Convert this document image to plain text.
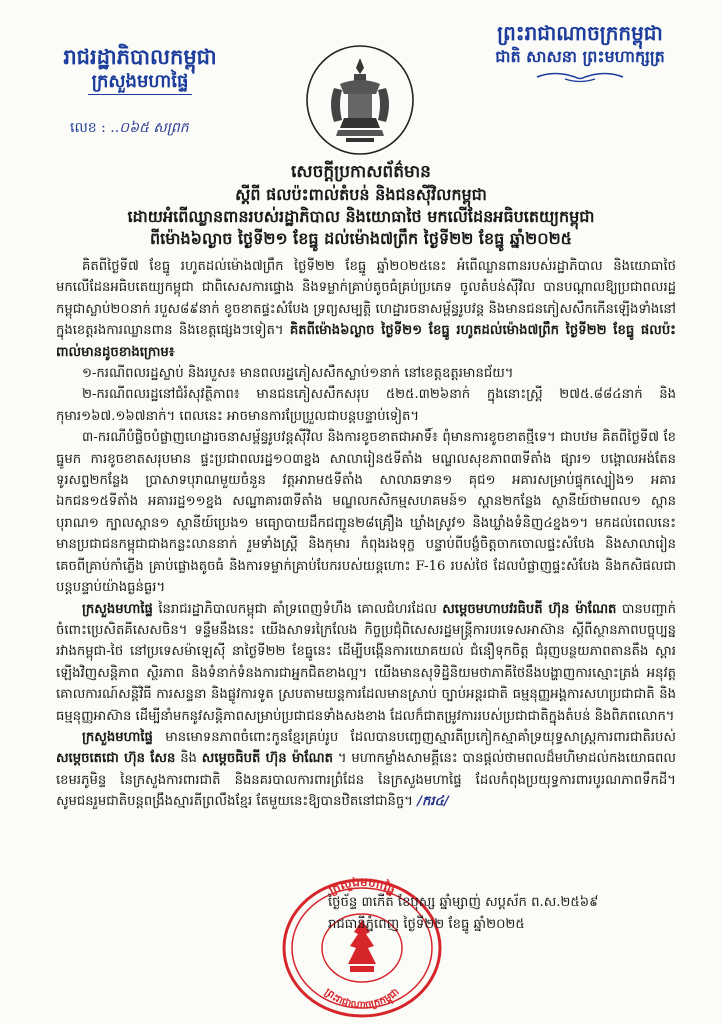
រាជរដ្ឋាភិបាលកម្ពុជា
ក្រសួងមហាផ្ទៃ
លេខ : ..០៦៥ សព្រក
ព្រះរាជាណាចក្រកម្ពុជា
ជាតិ សាសនា ព្រះមហាក្សត្រ
សេចក្តីប្រកាសព័ត៌មាន
ស្តីពី ផលប៉ះពាល់តំបន់ និងជនស៊ីវិលកម្ពុជា
ដោយអំពើឈ្លានពានរបស់រដ្ឋាភិបាល និងយោធាថៃ មកលើដែនអធិបតេយ្យកម្ពុជា
ពីម៉ោង៦ល្ងាច ថ្ងៃទី២១ ខែធ្នូ ដល់ម៉ោង៧ព្រឹក ថ្ងៃទី២២ ខែធ្នូ ឆ្នាំ២០២៥

គិតពីថ្ងៃទី៧ ខែធ្នូ រហូតដល់ម៉ោង៧ព្រឹក ថ្ងៃទី២២ ខែធ្នូ ឆ្នាំ២០២៥នេះ អំពើឈ្លានពានរបស់រដ្ឋាភិបាល និងយោធាថៃ មកលើដែនអធិបតេយ្យកម្ពុជា ជាពិសេសការផ្ទោង និងទម្លាក់គ្រាប់តូចធំគ្រប់ប្រភេទ ចូលតំបន់ស៊ីវិល បានបណ្តាលឱ្យប្រជាពលរដ្ឋកម្ពុជាស្លាប់២០នាក់ របួស៨៩នាក់ ខូចខាតផ្ទះសំបែង ទ្រព្យសម្បត្តិ ហេដ្ឋារចនាសម្ព័ន្ធរូបវន្ត និងមានជនភៀសសឹកកើនឡើងទាំងនៅក្នុងខេត្តរងការឈ្លានពាន និងខេត្តផ្សេងៗទៀត។ គិតពីម៉ោង៦ល្ងាច ថ្ងៃទី២១ ខែធ្នូ រហូតដល់ម៉ោង៧ព្រឹក ថ្ងៃទី២២ ខែធ្នូ ផលប៉ះពាល់មានដូចខាងក្រោម៖

១-ករណីពលរដ្ឋស្លាប់ និងរបួស៖ មានពលរដ្ឋភៀសសឹកស្លាប់១នាក់ នៅខេត្តឧត្តរមានជ័យ។

២-ករណីពលរដ្ឋនៅជំរំសុវត្ថិភាព៖ មានជនភៀសសឹកសរុប ៥២៥.៣២៦នាក់ ក្នុងនោះស្ត្រី ២៧៥.៨៨៤នាក់ និងកុមារ១៦៧.១៦៧នាក់។ ពេលនេះ អាចមានការប្រែប្រួលជាបន្តបន្ទាប់ទៀត។

៣-ករណីបំផ្លិចបំផ្លាញហេដ្ឋារចនាសម្ព័ន្ធរូបវន្តស៊ីវិល និងការខូចខាតជាអាទិ៍៖ ពុំមានការខូចខាតថ្មីទេ។ ជាបឋម គិតពីថ្ងៃទី៧ ខែធ្នូមក ការខូចខាតសរុបមាន ផ្ទះប្រជាពលរដ្ឋ១០៣ខ្នង សាលារៀន៥ទីតាំង មណ្ឌលសុខភាព៣ទីតាំង ផ្សារ១ បង្គោលអង់តែនទូរសព្ទ២កន្លែង ប្រាសាទបុរាណមួយចំនួន វត្តអារាម៥ទីតាំង សាលាឆទាន១ គុជ១ អគារសម្រាប់ផ្ទុកស្បៀង១ អគារឯកជន១៥ទីតាំង អគាររដ្ឋ១១ខ្នង សណ្ឋាគារ៣ទីតាំង មណ្ឌលកសិកម្មសហគមន៍១ ស្ពាន២កន្លែង ស្ថានីយ៍ថាមពល១ ស្ពានបុរាណ១ ក្បាលស្ពាន១ ស្ថានីយ៍ប្រេង១ មធ្យោបាយដឹកជញ្ជូន២៨គ្រឿង ឃ្លាំងស្រូវ១ និងឃ្លាំងទំនិញ៤ខ្នង១។ មកដល់ពេលនេះ មានប្រជាជនកម្ពុជាជាងកន្លះលាននាក់ រួមទាំងស្ត្រី និងកុមារ កំពុងរងទុក្ខ បន្ទាប់ពីបង្ខំចិត្តចាកចោលផ្ទះសំបែង និងសាលារៀន គេចពីគ្រាប់កាំភ្លើង គ្រាប់ផ្លោងតូចធំ និងការទម្លាក់គ្រាប់បែករបស់យន្តហោះ F-16 របស់ថៃ ដែលបំផ្លាញផ្ទះសំបែង និងកសិផលជាបន្តបន្ទាប់យ៉ាងធ្ងន់ធ្ងរ។

ក្រសួងមហាផ្ទៃ នៃរាជរដ្ឋាភិបាលកម្ពុជា គាំទ្រពេញទំហឹង គោលជំហរដែល សម្តេចមហាបវរធិបតី ហ៊ុន ម៉ាណែត បានបញ្ជាក់ចំពោះប្រេសិតគីសេសចិន។ ទន្ទឹមនឹងនេះ យើងសាទរក្រៃលែង កិច្ចប្រជុំពិសេសរដ្ឋមន្ត្រីការបរទេសអាស៊ាន ស្តីពីស្ថានភាពបច្ចុប្បន្ន រវាងកម្ពុជា-ថៃ នៅប្រទេសម៉ាឡេស៊ី នាថ្ងៃទី២២ ខែធ្នូនេះ ដើម្បីបង្កើនការយោគយល់ ជំនឿទុកចិត្ត ជំរុញបន្ថយភាពតានតឹង ស្តារឡើងវិញសន្តិភាព ស្ថិរភាព និងទំនាក់ទំនងការជាអ្នកជិតខាងល្អ។ យើងមានសុទិដ្ឋិនិយមថាភាគីថៃនឹងបង្ហាញការស្មោះត្រង់ អនុវត្តគោលការណ៍សន្តិវិធី ការសន្ទនា និងផ្លូវការទូត ស្របតាមយន្តការដែលមានស្រាប់ ច្បាប់អន្តរជាតិ ធម្មនុញ្ញអង្គការសហប្រជាជាតិ និងធម្មនុញ្ញអាស៊ាន ដើម្បីនាំមកនូវសន្តិភាពសម្រាប់ប្រជាជនទាំងសងខាង ដែលក៏ជាតម្រូវការរបស់ប្រជាជាតិក្នុងតំបន់ និងពិភពលោក។

ក្រសួងមហាផ្ទៃ មានមោទនភាពចំពោះកូនខ្មែរគ្រប់រូប ដែលបានបញ្ចេញស្មារតីប្រកៀកស្មាគាំទ្រយុទ្ធសាស្ត្រការពារជាតិរបស់ សម្តេចតេជោ ហ៊ុន សែន និង សម្តេចធិបតី ហ៊ុន ម៉ាណែត ។ មហាកម្លាំងសាមគ្គីនេះ បានផ្តល់ថាមពលដ៏មហិមាដល់កងយោធពលខេមរភូមិន្ទ នៃក្រសួងការពារជាតិ និងនគរបាលការពារព្រំដែន នៃក្រសួងមហាផ្ទៃ ដែលកំពុងប្រយុទ្ធការពារបូរណភាពទឹកដី។ សូមជនរួមជាតិបន្តពង្រឹងស្មារតីព្រលឹងខ្មែរ តែមួយនេះឱ្យបានឋិតនៅជានិច្ច។ /ករ៤/

ក្រសួងមហាផ្ទៃ
ព្រះរាជាណាចក្រកម្ពុជា
ថ្ងៃច័ន្ទ ៣កើត ខែបុស្ស ឆ្នាំម្សាញ់ សប្តស័ក ព.ស.២៥៦៩
រាជធានីភ្នំពេញ ថ្ងៃទី២២ ខែធ្នូ ឆ្នាំ២០២៥
